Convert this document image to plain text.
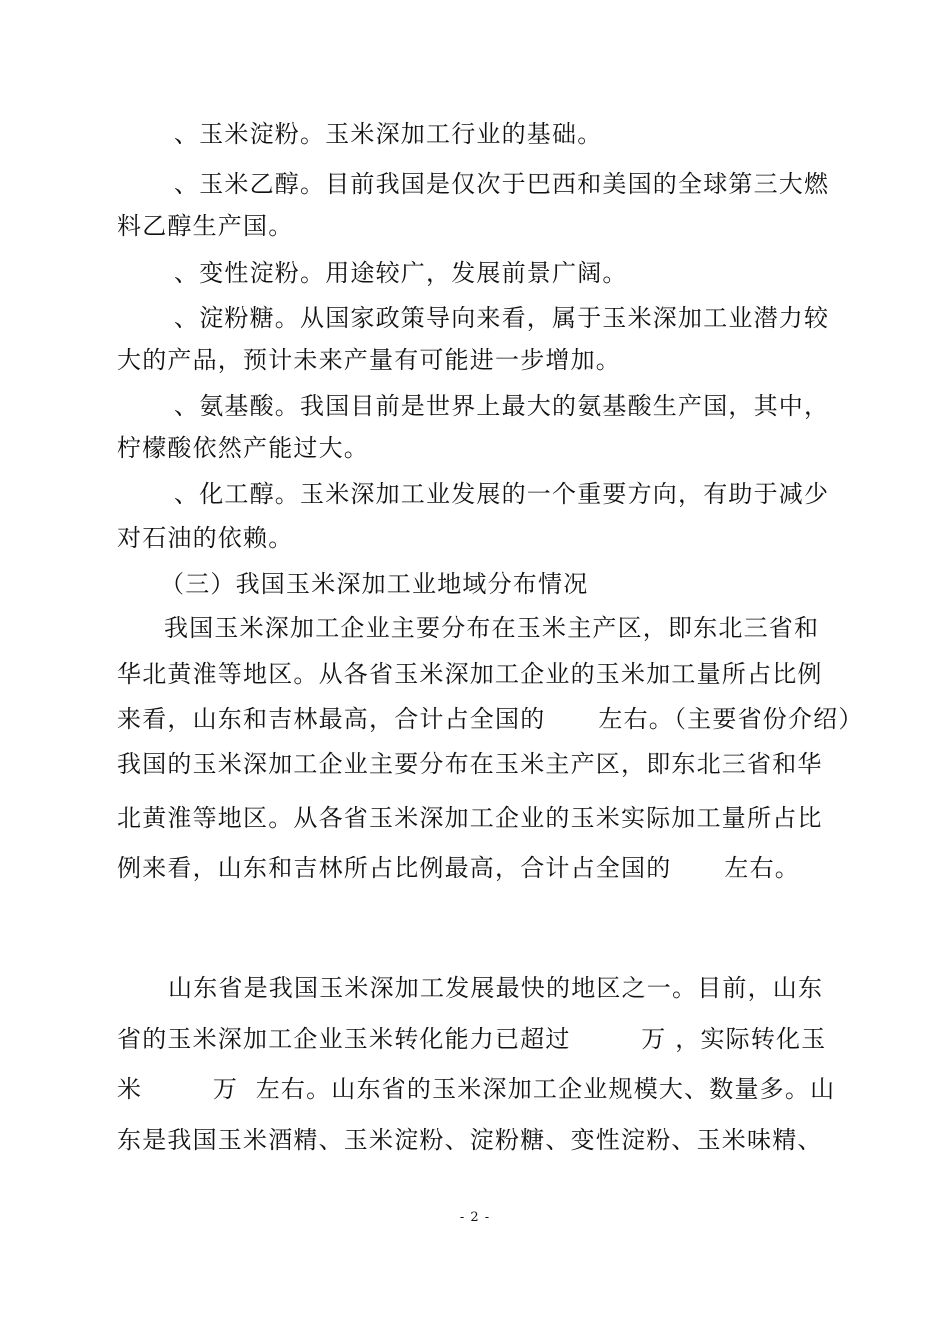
、玉米淀粉。玉米深加工行业的基础。
、玉米乙醇。目前我国是仅次于巴西和美国的全球第三大燃
料乙醇生产国。
、变性淀粉。用途较广，发展前景广阔。
、淀粉糖。从国家政策导向来看，属于玉米深加工业潜力较
大的产品，预计未来产量有可能进一步增加。
、氨基酸。我国目前是世界上最大的氨基酸生产国，其中，
柠檬酸依然产能过大。
、化工醇。玉米深加工业发展的一个重要方向，有助于减少
对石油的依赖。
（三）我国玉米深加工业地域分布情况
我国玉米深加工企业主要分布在玉米主产区，即东北三省和
华北黄淮等地区。从各省玉米深加工企业的玉米加工量所占比例
来看，山东和吉林最高，合计占全国的      左右。（主要省份介绍）
我国的玉米深加工企业主要分布在玉米主产区，即东北三省和华
北黄淮等地区。从各省玉米深加工企业的玉米实际加工量所占比
例来看，山东和吉林所占比例最高，合计占全国的      左右。
山东省是我国玉米深加工发展最快的地区之一。目前，山东
省的玉米深加工企业玉米转化能力已超过        万 ，实际转化玉
米        万  左右。山东省的玉米深加工企业规模大、数量多。山
东是我国玉米酒精、玉米淀粉、淀粉糖、变性淀粉、玉米味精、
- 2 -
